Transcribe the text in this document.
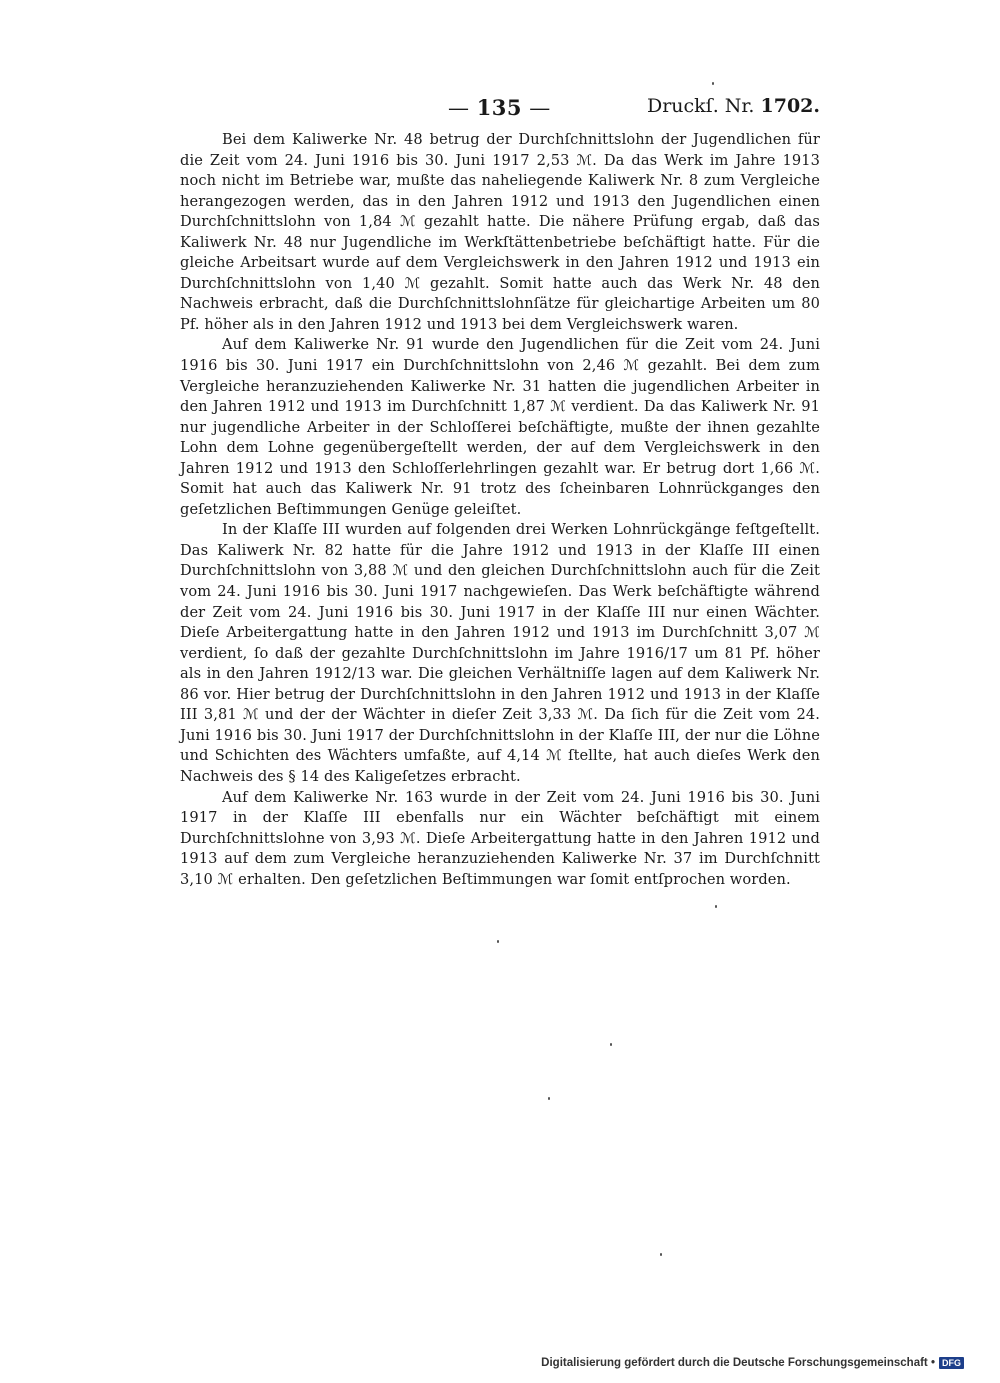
— 135 —	Druckſ. Nr. 1702.

Bei dem Kaliwerke Nr. 48 betrug der Durchſchnittslohn der Jugendlichen für die Zeit vom 24. Juni 1916 bis 30. Juni 1917 2,53 ℳ. Da das Werk im Jahre 1913 noch nicht im Betriebe war, mußte das naheliegende Kaliwerk Nr. 8 zum Vergleiche herangezogen werden, das in den Jahren 1912 und 1913 den Jugendlichen einen Durchſchnittslohn von 1,84 ℳ gezahlt hatte. Die nähere Prüfung ergab, daß das Kaliwerk Nr. 48 nur Jugendliche im Werkſtättenbetriebe beſchäftigt hatte. Für die gleiche Arbeitsart wurde auf dem Vergleichswerk in den Jahren 1912 und 1913 ein Durchſchnittslohn von 1,40 ℳ gezahlt. Somit hatte auch das Werk Nr. 48 den Nachweis erbracht, daß die Durchſchnittslohnſätze für gleichartige Arbeiten um 80 Pf. höher als in den Jahren 1912 und 1913 bei dem Vergleichswerk waren.

Auf dem Kaliwerke Nr. 91 wurde den Jugendlichen für die Zeit vom 24. Juni 1916 bis 30. Juni 1917 ein Durchſchnittslohn von 2,46 ℳ gezahlt. Bei dem zum Vergleiche heranzuziehenden Kaliwerke Nr. 31 hatten die jugendlichen Arbeiter in den Jahren 1912 und 1913 im Durchſchnitt 1,87 ℳ verdient. Da das Kaliwerk Nr. 91 nur jugendliche Arbeiter in der Schloſſerei beſchäftigte, mußte der ihnen gezahlte Lohn dem Lohne gegenübergeſtellt werden, der auf dem Vergleichswerk in den Jahren 1912 und 1913 den Schloſſerlehrlingen gezahlt war. Er betrug dort 1,66 ℳ. Somit hat auch das Kaliwerk Nr. 91 trotz des ſcheinbaren Lohnrückganges den geſetzlichen Beſtimmungen Genüge geleiſtet.

In der Klaſſe III wurden auf folgenden drei Werken Lohnrückgänge feſtgeſtellt. Das Kaliwerk Nr. 82 hatte für die Jahre 1912 und 1913 in der Klaſſe III einen Durchſchnittslohn von 3,88 ℳ und den gleichen Durchſchnittslohn auch für die Zeit vom 24. Juni 1916 bis 30. Juni 1917 nachgewieſen. Das Werk beſchäftigte während der Zeit vom 24. Juni 1916 bis 30. Juni 1917 in der Klaſſe III nur einen Wächter. Dieſe Arbeitergattung hatte in den Jahren 1912 und 1913 im Durchſchnitt 3,07 ℳ verdient, ſo daß der gezahlte Durchſchnittslohn im Jahre 1916/17 um 81 Pf. höher als in den Jahren 1912/13 war. Die gleichen Verhältniſſe lagen auf dem Kaliwerk Nr. 86 vor. Hier betrug der Durchſchnittslohn in den Jahren 1912 und 1913 in der Klaſſe III 3,81 ℳ und der der Wächter in dieſer Zeit 3,33 ℳ. Da ſich für die Zeit vom 24. Juni 1916 bis 30. Juni 1917 der Durchſchnittslohn in der Klaſſe III, der nur die Löhne und Schichten des Wächters umfaßte, auf 4,14 ℳ ſtellte, hat auch dieſes Werk den Nachweis des § 14 des Kaligeſetzes erbracht.

Auf dem Kaliwerke Nr. 163 wurde in der Zeit vom 24. Juni 1916 bis 30. Juni 1917 in der Klaſſe III ebenfalls nur ein Wächter beſchäftigt mit einem Durchſchnittslohne von 3,93 ℳ. Dieſe Arbeitergattung hatte in den Jahren 1912 und 1913 auf dem zum Vergleiche heranzuziehenden Kaliwerke Nr. 37 im Durchſchnitt 3,10 ℳ erhalten. Den geſetzlichen Beſtimmungen war ſomit entſprochen worden.

Digitalisierung gefördert durch die Deutsche Forschungsgemeinschaft • DFG
